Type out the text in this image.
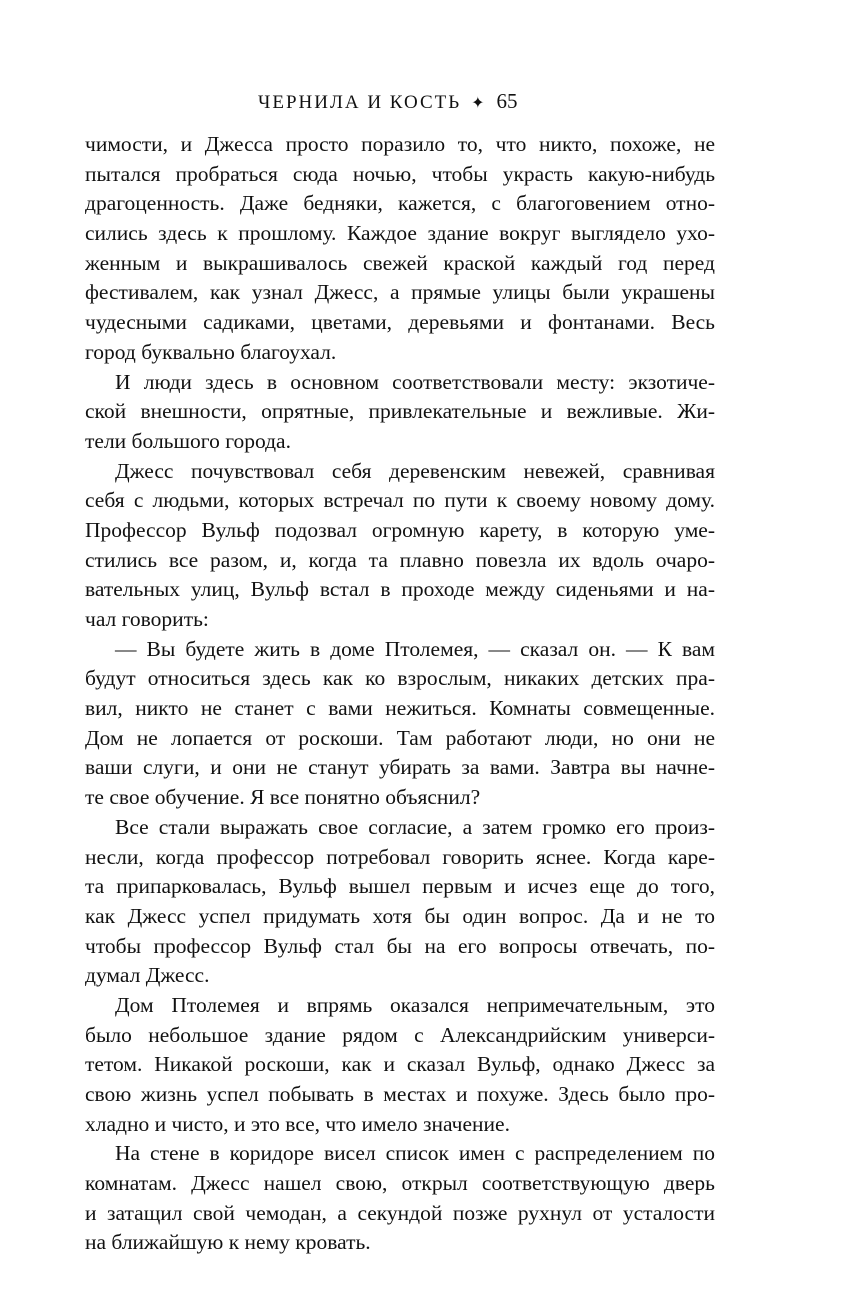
ЧЕРНИЛА И КОСТЬ ✦ 65
чимости, и Джесса просто поразило то, что никто, похоже, не
пытался пробраться сюда ночью, чтобы украсть какую-нибудь
драгоценность. Даже бедняки, кажется, с благоговением отно-
сились здесь к прошлому. Каждое здание вокруг выглядело ухо-
женным и выкрашивалось свежей краской каждый год перед
фестивалем, как узнал Джесс, а прямые улицы были украшены
чудесными садиками, цветами, деревьями и фонтанами. Весь
город буквально благоухал.
И люди здесь в основном соответствовали месту: экзотиче-
ской внешности, опрятные, привлекательные и вежливые. Жи-
тели большого города.
Джесс почувствовал себя деревенским невежей, сравнивая
себя с людьми, которых встречал по пути к своему новому дому.
Профессор Вульф подозвал огромную карету, в которую уме-
стились все разом, и, когда та плавно повезла их вдоль очаро-
вательных улиц, Вульф встал в проходе между сиденьями и на-
чал говорить:
— Вы будете жить в доме Птолемея, — сказал он. — К вам
будут относиться здесь как ко взрослым, никаких детских пра-
вил, никто не станет с вами нежиться. Комнаты совмещенные.
Дом не лопается от роскоши. Там работают люди, но они не
ваши слуги, и они не станут убирать за вами. Завтра вы начне-
те свое обучение. Я все понятно объяснил?
Все стали выражать свое согласие, а затем громко его произ-
несли, когда профессор потребовал говорить яснее. Когда каре-
та припарковалась, Вульф вышел первым и исчез еще до того,
как Джесс успел придумать хотя бы один вопрос. Да и не то
чтобы профессор Вульф стал бы на его вопросы отвечать, по-
думал Джесс.
Дом Птолемея и впрямь оказался непримечательным, это
было небольшое здание рядом с Александрийским универси-
тетом. Никакой роскоши, как и сказал Вульф, однако Джесс за
свою жизнь успел побывать в местах и похуже. Здесь было про-
хладно и чисто, и это все, что имело значение.
На стене в коридоре висел список имен с распределением по
комнатам. Джесс нашел свою, открыл соответствующую дверь
и затащил свой чемодан, а секундой позже рухнул от усталости
на ближайшую к нему кровать.
